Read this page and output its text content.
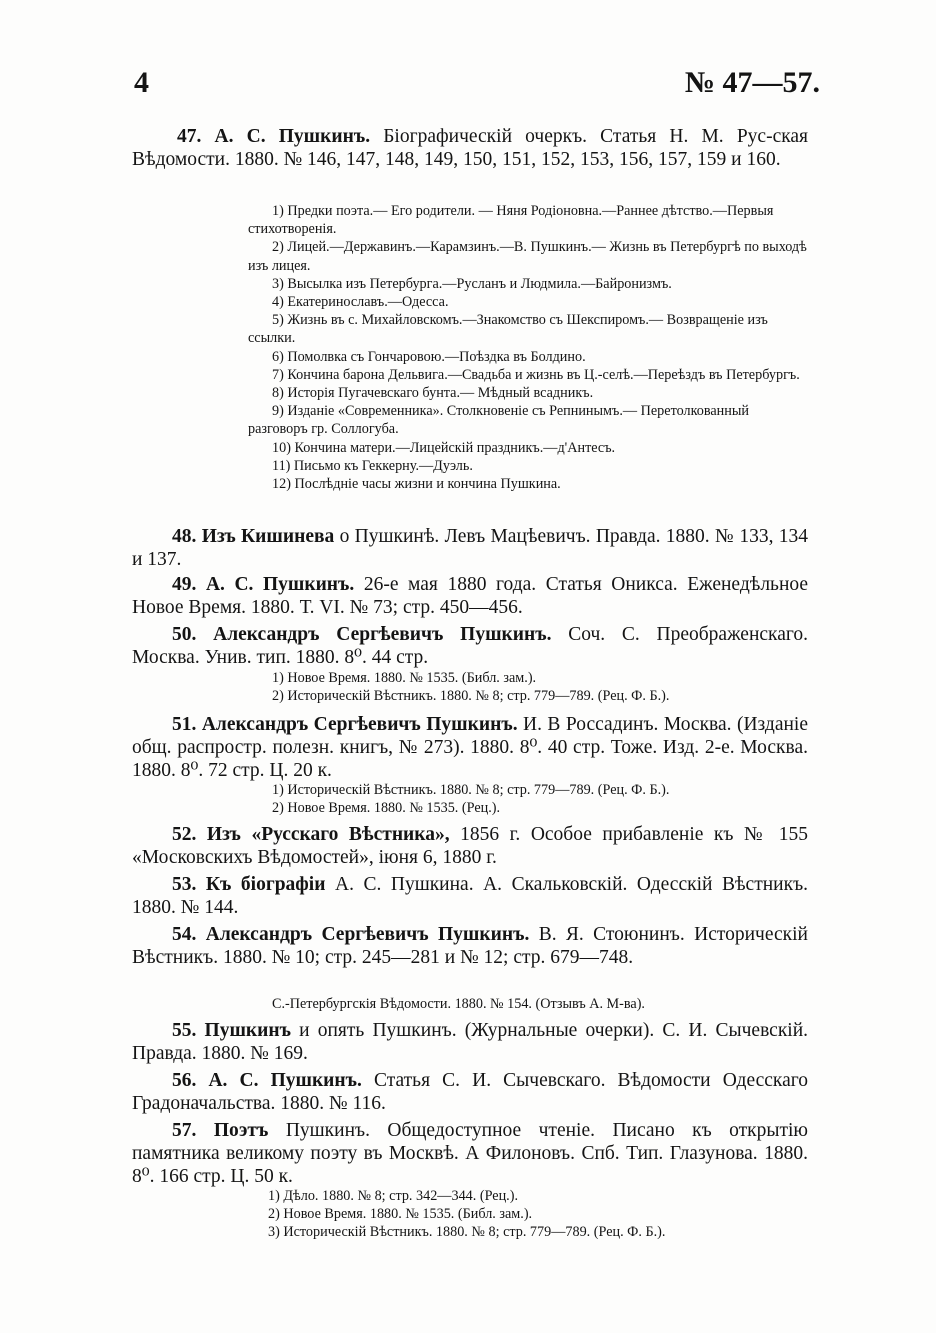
4	№ 47—57.

47. А. С. Пушкинъ. Біографическій очеркъ. Статья Н. М. Рус-ская Вѣдомости. 1880. № 146, 147, 148, 149, 150, 151, 152, 153, 156, 157, 159 и 160.

1) Предки поэта.— Его родители. — Няня Родіоновна.—Раннее дѣтство.—Первыя стихотворенія.

2) Лицей.—Державинъ.—Карамзинъ.—В. Пушкинъ.— Жизнь въ Петербургѣ по выходѣ изъ лицея.

3) Высылка изъ Петербурга.—Русланъ и Людмила.—Байронизмъ.

4) Екатеринославъ.—Одесса.

5) Жизнь въ с. Михайловскомъ.—Знакомство съ Шекспиромъ.— Возвращеніе изъ ссылки.

6) Помолвка съ Гончаровою.—Поѣздка въ Болдино.

7) Кончина барона Дельвига.—Свадьба и жизнь въ Ц.-селѣ.—Переѣздъ въ Петербургъ.

8) Исторія Пугачевскаго бунта.— Мѣдный всадникъ.

9) Изданіе «Современника». Столкновеніе съ Репнинымъ.— Перетолкованный разговоръ гр. Соллогуба.

10) Кончина матери.—Лицейскій праздникъ.—д'Антесъ.

11) Письмо къ Геккерну.—Дуэль.

12) Послѣдніе часы жизни и кончина Пушкина.

48. Изъ Кишинева о Пушкинѣ. Левъ Мацѣевичъ. Правда. 1880. № 133, 134 и 137.

49. А. С. Пушкинъ. 26-е мая 1880 года. Статья Оникса. Еженедѣльное Новое Время. 1880. Т. VI. № 73; стр. 450—456.

50. Александръ Сергѣевичъ Пушкинъ. Соч. С. Преображенскаго. Москва. Унив. тип. 1880. 8⁰. 44 стр.

1) Новое Время. 1880. № 1535. (Библ. зам.).

2) Историческій Вѣстникъ. 1880. № 8; стр. 779—789. (Рец. Ф. Б.).

51. Александръ Сергѣевичъ Пушкинъ. И. В Россадинъ. Москва. (Изданіе общ. распростр. полезн. книгъ, № 273). 1880. 8⁰. 40 стр. Тоже. Изд. 2-е. Москва. 1880. 8⁰. 72 стр. Ц. 20 к.

1) Историческій Вѣстникъ. 1880. № 8; стр. 779—789. (Рец. Ф. Б.).

2) Новое Время. 1880. № 1535. (Рец.).

52. Изъ «Русскаго Вѣстника», 1856 г. Особое прибавленіе къ № 155 «Московскихъ Вѣдомостей», іюня 6, 1880 г.

53. Къ біографіи А. С. Пушкина. А. Скальковскій. Одесскій Вѣстникъ. 1880. № 144.

54. Александръ Сергѣевичъ Пушкинъ. В. Я. Стоюнинъ. Историческій Вѣстникъ. 1880. № 10; стр. 245—281 и № 12; стр. 679—748.

С.-Петербургскія Вѣдомости. 1880. № 154. (Отзывъ А. М-ва).

55. Пушкинъ и опять Пушкинъ. (Журнальные очерки). С. И. Сычевскій. Правда. 1880. № 169.

56. А. С. Пушкинъ. Статья С. И. Сычевскаго. Вѣдомости Одесскаго Градоначальства. 1880. № 116.

57. Поэтъ Пушкинъ. Общедоступное чтеніе. Писано къ открытію памятника великому поэту въ Москвѣ. А Филоновъ. Спб. Тип. Глазунова. 1880. 8⁰. 166 стр. Ц. 50 к.

1) Дѣло. 1880. № 8; стр. 342—344. (Рец.).

2) Новое Время. 1880. № 1535. (Библ. зам.).

3) Историческій Вѣстникъ. 1880. № 8; стр. 779—789. (Рец. Ф. Б.).
